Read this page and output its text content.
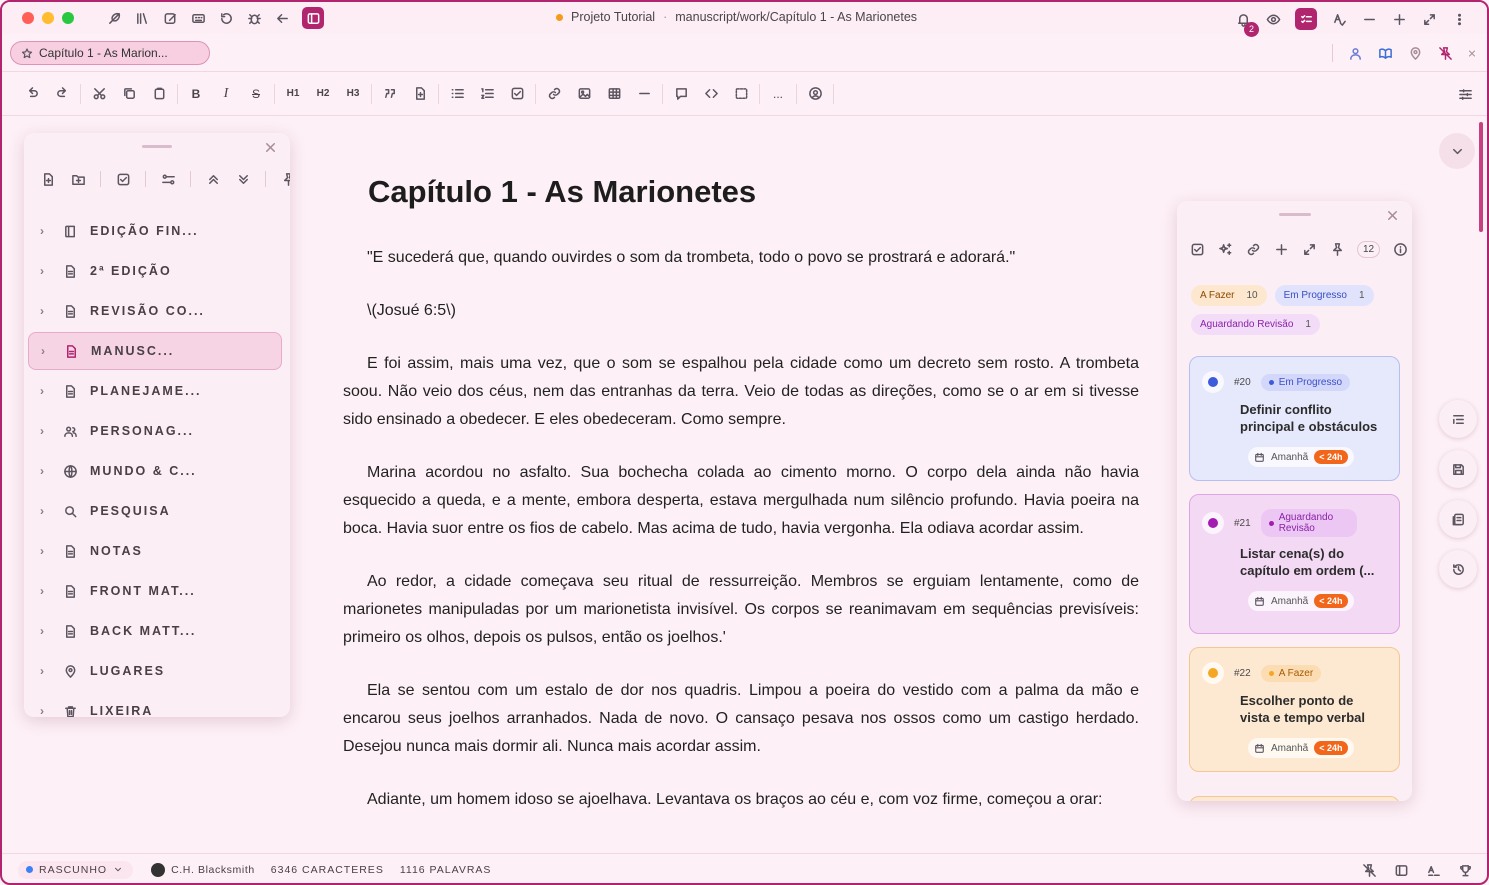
Projeto Tutorial · manuscript/work/Capítulo 1 - As Marionetes
2
Capítulo 1 - As Marion...
B	I	S	H1 H2 H3	...
›	EDIÇÃO FIN...
›	2ª EDIÇÃO
›	REVISÃO CO...
›	MANUSC...
›	PLANEJAME...
›	PERSONAG...
›	MUNDO & C...
›	PESQUISA
›	NOTAS
›	FRONT MAT...
›	BACK MATT...
›	LUGARES
›	LIXEIRA
Capítulo 1 - As Marionetes

"E sucederá que, quando ouvirdes o som da trombeta, todo o povo se prostrará e adorará."

\(Josué 6:5\)

E foi assim, mais uma vez, que o som se espalhou pela cidade como um decreto sem rosto. A trombeta soou. Não veio dos céus, nem das entranhas da terra. Veio de todas as direções, como se o ar em si tivesse sido ensinado a obedecer. E eles obedeceram. Como sempre.

Marina acordou no asfalto. Sua bochecha colada ao cimento morno. O corpo dela ainda não havia esquecido a queda, e a mente, embora desperta, estava mergulhada num silêncio profundo. Havia poeira na boca. Havia suor entre os fios de cabelo. Mas acima de tudo, havia vergonha. Ela odiava acordar assim.

Ao redor, a cidade começava seu ritual de ressurreição. Membros se erguiam lentamente, como de marionetes manipuladas por um marionetista invisível. Os corpos se reanimavam em sequências previsíveis: primeiro os olhos, depois os pulsos, então os joelhos.'

Ela se sentou com um estalo de dor nos quadris. Limpou a poeira do vestido com a palma da mão e encarou seus joelhos arranhados. Nada de novo. O cansaço pesava nos ossos como um castigo herdado. Desejou nunca mais dormir ali. Nunca mais acordar assim.

Adiante, um homem idoso se ajoelhava. Levantava os braços ao céu e, com voz firme, começou a orar:

12
A Fazer 10	Em Progresso 1
Aguardando Revisão 1
#20	Em Progresso
Definir conflito principal e obstáculos
Amanhã	< 24h
#21	Aguardando Revisão
Listar cena(s) do capítulo em ordem (...
Amanhã	< 24h
#22	A Fazer
Escolher ponto de vista e tempo verbal
Amanhã	< 24h
RASCUNHO	C.H. Blacksmith 6346 CARACTERES 1116 PALAVRAS
